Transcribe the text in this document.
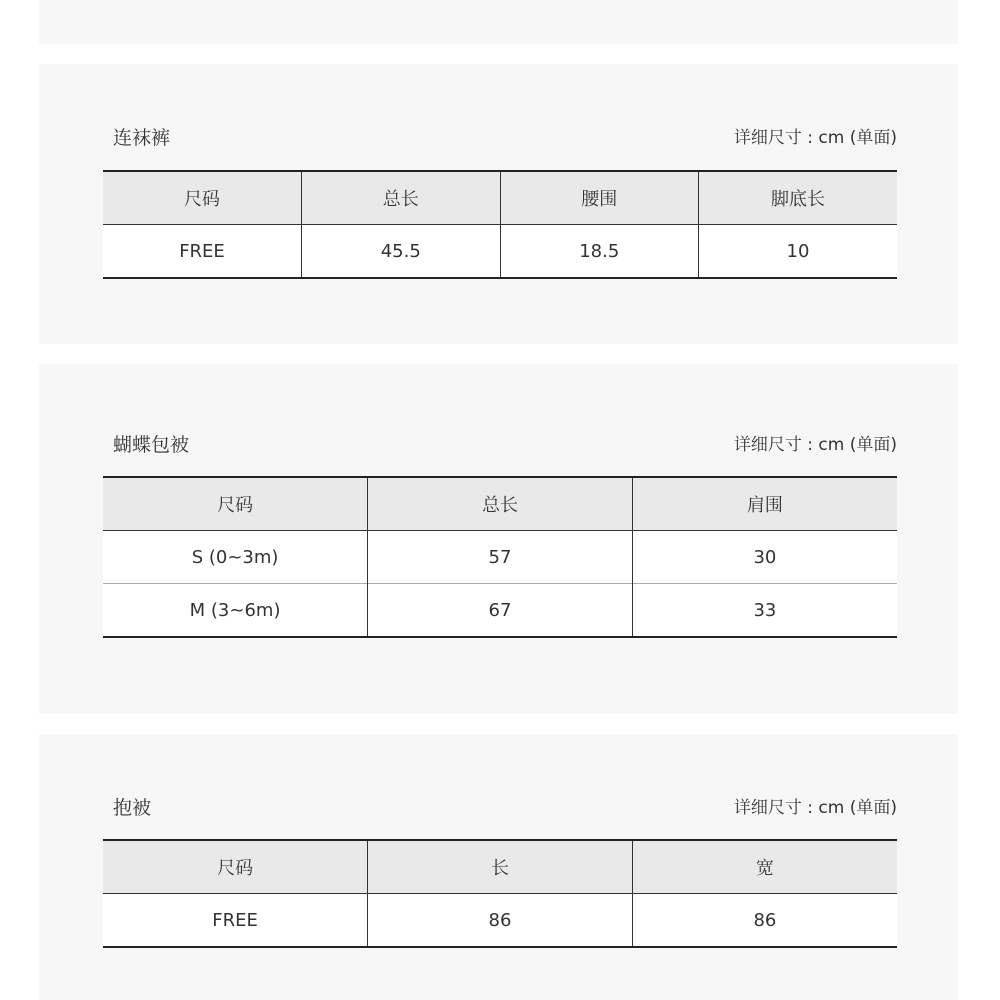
连袜裤	详细尺寸 : cm (单面)
尺码	总长	腰围	脚底长
FREE	45.5	18.5	10
蝴蝶包被	详细尺寸 : cm (单面)
尺码	总长	肩围
S (0~3m)	57	30
M (3~6m)	67	33
抱被	详细尺寸 : cm (单面)
尺码	长	宽
FREE	86	86
